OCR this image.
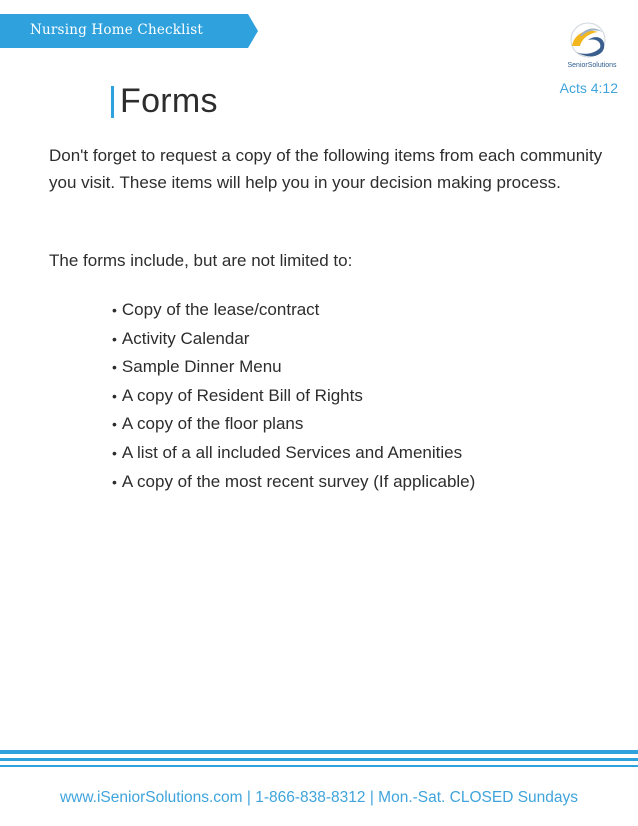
Nursing Home Checklist
SeniorSolutions
Acts 4:12
Forms

Don't forget to request a copy of the following items from each community you visit. These items will help you in your decision making process.

The forms include, but are not limited to:

• Copy of the lease/contract
• Activity Calendar
• Sample Dinner Menu
• A copy of Resident Bill of Rights
• A copy of the floor plans
• A list of a all included Services and Amenities
• A copy of the most recent survey (If applicable)
www.iSeniorSolutions.com | 1-866-838-8312 | Mon.-Sat. CLOSED Sundays
